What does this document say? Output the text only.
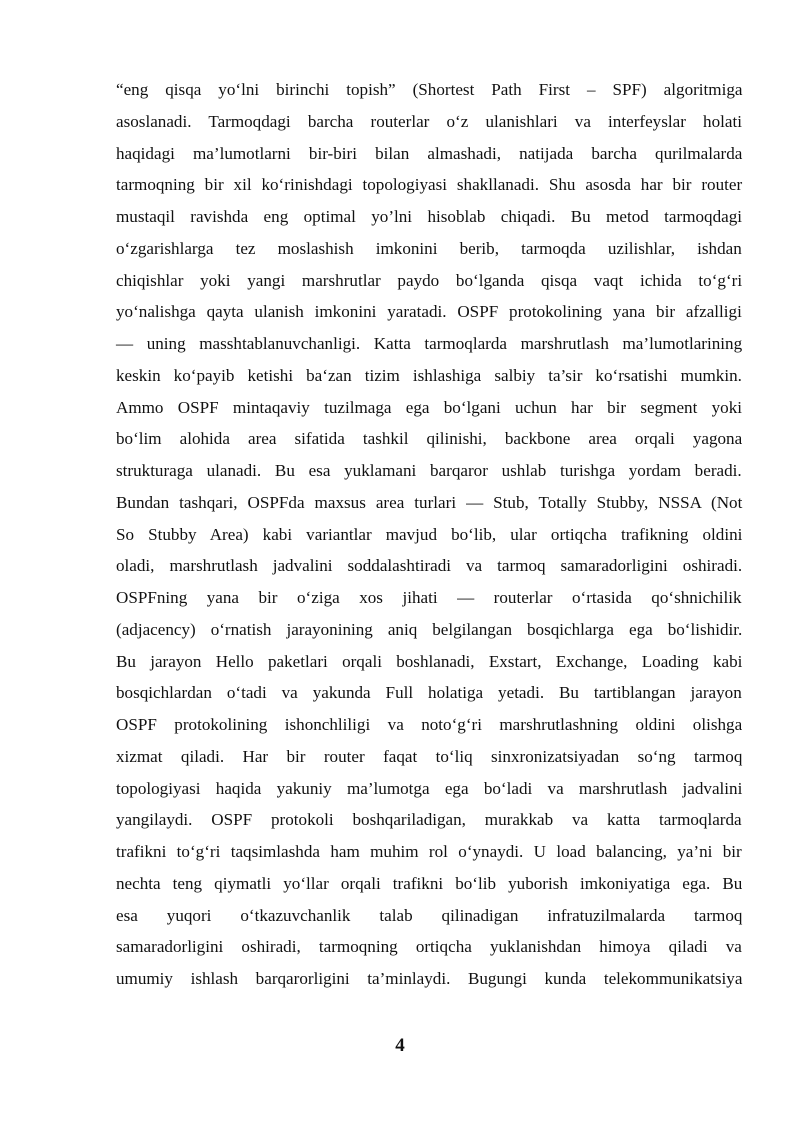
“eng qisqa yo‘lni birinchi topish” (Shortest Path First – SPF) algoritmiga
asoslanadi. Tarmoqdagi barcha routerlar o‘z ulanishlari va interfeyslar holati
haqidagi ma’lumotlarni bir-biri bilan almashadi, natijada barcha qurilmalarda
tarmoqning bir xil ko‘rinishdagi topologiyasi shakllanadi. Shu asosda har bir router
mustaqil ravishda eng optimal yo’lni hisoblab chiqadi. Bu metod tarmoqdagi
o‘zgarishlarga tez moslashish imkonini berib, tarmoqda uzilishlar, ishdan
chiqishlar yoki yangi marshrutlar paydo bo‘lganda qisqa vaqt ichida to‘g‘ri
yo‘nalishga qayta ulanish imkonini yaratadi. OSPF protokolining yana bir afzalligi
— uning masshtablanuvchanligi. Katta tarmoqlarda marshrutlash ma’lumotlarining
keskin ko‘payib ketishi ba‘zan tizim ishlashiga salbiy ta’sir ko‘rsatishi mumkin.
Ammo OSPF mintaqaviy tuzilmaga ega bo‘lgani uchun har bir segment yoki
bo‘lim alohida area sifatida tashkil qilinishi, backbone area orqali yagona
strukturaga ulanadi. Bu esa yuklamani barqaror ushlab turishga yordam beradi.
Bundan tashqari, OSPFda maxsus area turlari — Stub, Totally Stubby, NSSA (Not
So Stubby Area) kabi variantlar mavjud bo‘lib, ular ortiqcha trafikning oldini
oladi, marshrutlash jadvalini soddalashtiradi va tarmoq samaradorligini oshiradi.
OSPFning yana bir o‘ziga xos jihati — routerlar o‘rtasida qo‘shnichilik
(adjacency) o‘rnatish jarayonining aniq belgilangan bosqichlarga ega bo‘lishidir.
Bu jarayon Hello paketlari orqali boshlanadi, Exstart, Exchange, Loading kabi
bosqichlardan o‘tadi va yakunda Full holatiga yetadi. Bu tartiblangan jarayon
OSPF protokolining ishonchliligi va noto‘g‘ri marshrutlashning oldini olishga
xizmat qiladi. Har bir router faqat to‘liq sinxronizatsiyadan so‘ng tarmoq
topologiyasi haqida yakuniy ma’lumotga ega bo‘ladi va marshrutlash jadvalini
yangilaydi. OSPF protokoli boshqariladigan, murakkab va katta tarmoqlarda
trafikni to‘g‘ri taqsimlashda ham muhim rol o‘ynaydi. U load balancing, ya’ni bir
nechta teng qiymatli yo‘llar orqali trafikni bo‘lib yuborish imkoniyatiga ega. Bu
esa yuqori o‘tkazuvchanlik talab qilinadigan infratuzilmalarda tarmoq
samaradorligini oshiradi, tarmoqning ortiqcha yuklanishdan himoya qiladi va
umumiy ishlash barqarorligini ta’minlaydi. Bugungi kunda telekommunikatsiya

4
